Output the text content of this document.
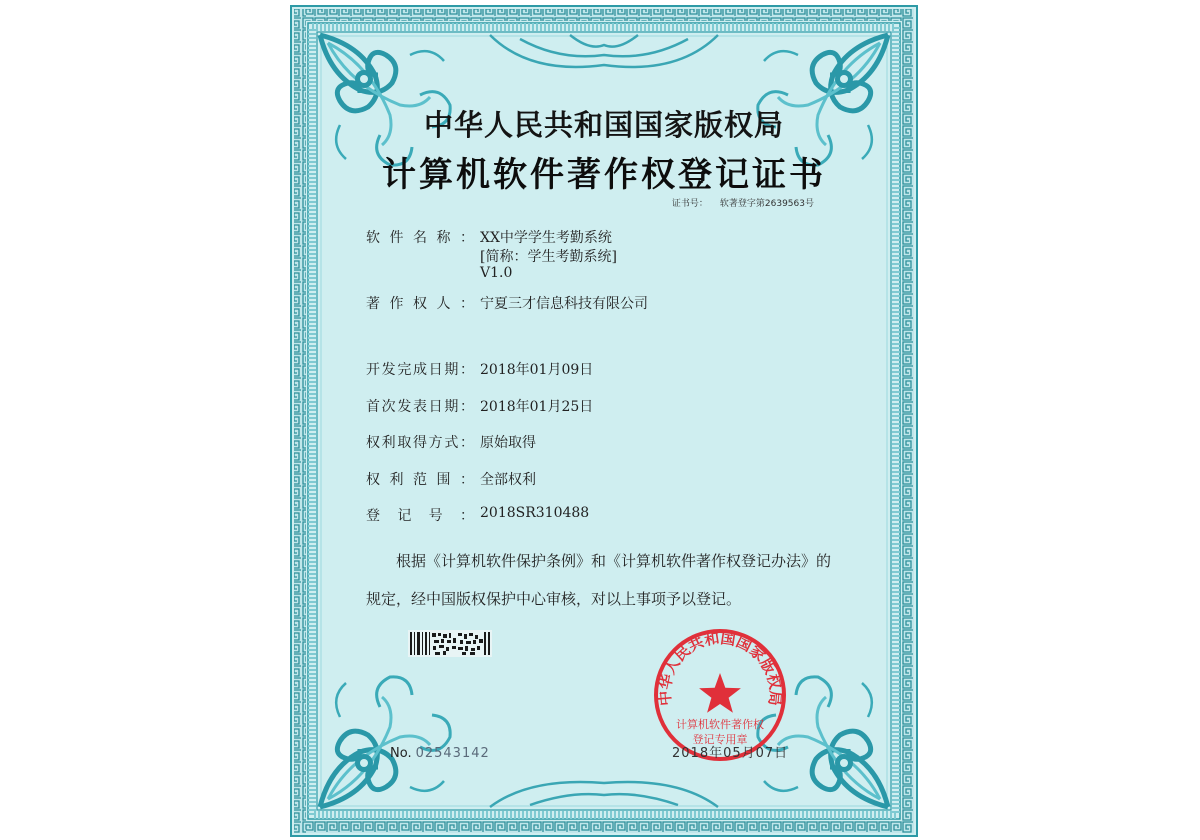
中华人民共和国国家版权局
计算机软件著作权登记证书
证书号： 软著登字第2639563号
软件名称： XX中学学生考勤系统
[简称：学生考勤系统]
V1.0
著作权人： 宁夏三才信息科技有限公司
开发完成日期： 2018年01月09日
首次发表日期： 2018年01月25日
权利取得方式： 原始取得
权利范围： 全部权利
登记号： 2018SR310488
根据《计算机软件保护条例》和《计算机软件著作权登记办法》的
规定，经中国版权保护中心审核，对以上事项予以登记。
中华人民共和国国家版权局
计算机软件著作权
登记专用章
No. 02543142	2018年05月07日
